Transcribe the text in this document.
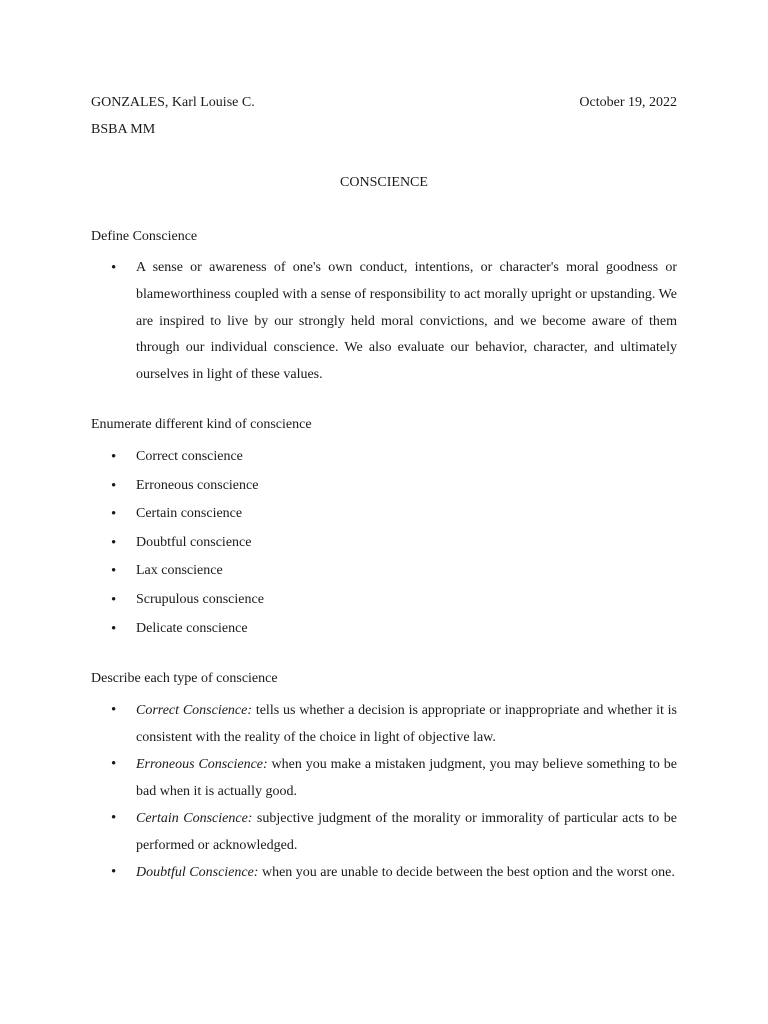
GONZALES, Karl Louise C.	October 19, 2022
BSBA MM
CONSCIENCE

Define Conscience

• A sense or awareness of one's own conduct, intentions, or character's moral goodness or blameworthiness coupled with a sense of responsibility to act morally upright or upstanding. We are inspired to live by our strongly held moral convictions, and we become aware of them through our individual conscience. We also evaluate our behavior, character, and ultimately ourselves in light of these values.

Enumerate different kind of conscience

• Correct conscience
• Erroneous conscience
• Certain conscience
• Doubtful conscience
• Lax conscience
• Scrupulous conscience
• Delicate conscience

Describe each type of conscience

• Correct Conscience: tells us whether a decision is appropriate or inappropriate and whether it is consistent with the reality of the choice in light of objective law.
• Erroneous Conscience: when you make a mistaken judgment, you may believe something to be bad when it is actually good.
• Certain Conscience: subjective judgment of the morality or immorality of particular acts to be performed or acknowledged.
• Doubtful Conscience: when you are unable to decide between the best option and the worst one.
